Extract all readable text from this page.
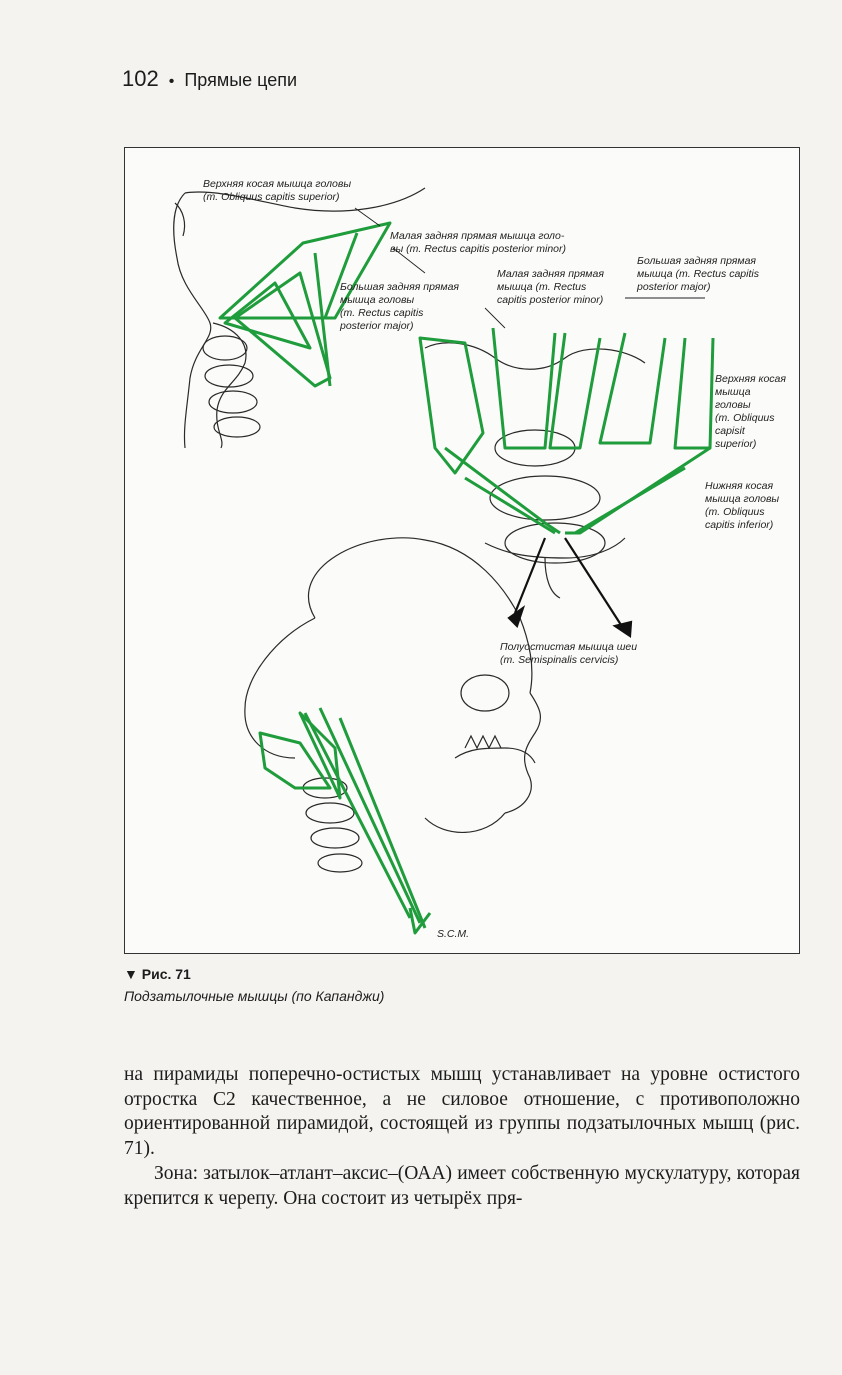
102 • Прямые цепи
Верхняя косая мышца головы
(m. Obliquus capitis superior)
Малая задняя прямая мышца голо-
вы (m. Rectus capitis posterior minor)
Большая задняя прямая
мышца головы
(m. Rectus capitis
posterior major)
Малая задняя прямая
мышца (m. Rectus
capitis posterior minor)
Большая задняя прямая
мышца (m. Rectus capitis
posterior major)
Верхняя косая
мышца
головы
(m. Obliquus
capisit
superior)
Нижняя косая
мышца головы
(m. Obliquus
capitis inferior)
Полуостистая мышца шеи
(m. Semispinalis cervicis)
S.C.M.
▼ Рис. 71
Подзатылочные мышцы (по Капанджи)
на пирамиды поперечно-остистых мышц устанавливает на уровне остистого отростка С2 качественное, а не силовое отношение, с противоположно ориентированной пирамидой, состоящей из группы подзатылочных мышц (рис. 71).
Зона: затылок–атлант–аксис–(ОАА) имеет собственную мускулатуру, которая крепится к черепу. Она состоит из четырёх пря-
